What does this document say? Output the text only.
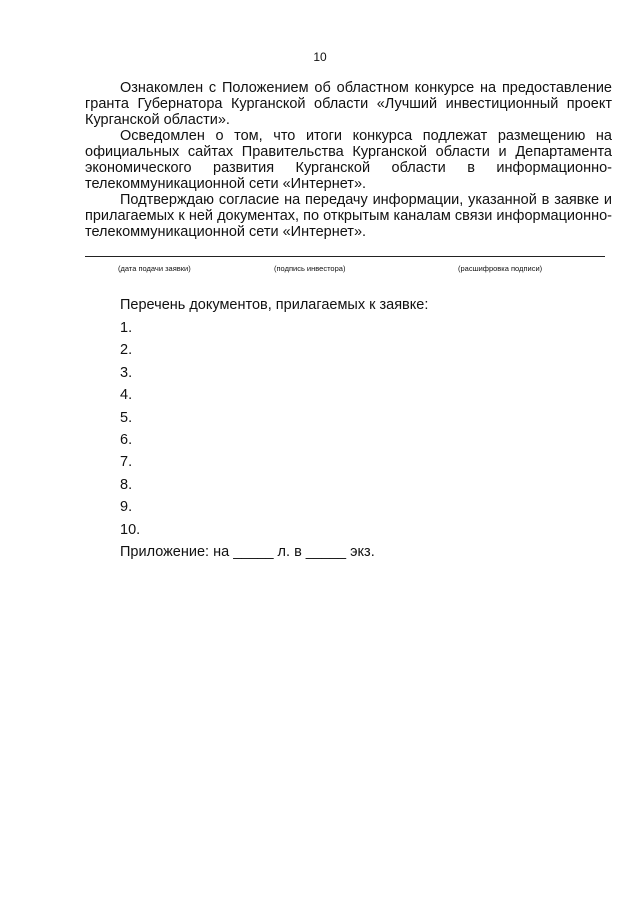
10

Ознакомлен с Положением об областном конкурсе на предоставление гранта Губернатора Курганской области «Лучший инвестиционный проект Курганской области».

Осведомлен о том, что итоги конкурса подлежат размещению на официальных сайтах Правительства Курганской области и Департамента экономического развития Курганской области в информационно-телекоммуникационной сети «Интернет».

Подтверждаю согласие на передачу информации, указанной в заявке и прилагаемых к ней документах, по открытым каналам связи информационно-телекоммуникационной сети «Интернет».

(дата подачи заявки)	(подпись инвестора)	(расшифровка подписи)
Перечень документов, прилагаемых к заявке:
1.
2.
3.
4.
5.
6.
7.
8.
9.
10.
Приложение: на _____ л. в _____ экз.
